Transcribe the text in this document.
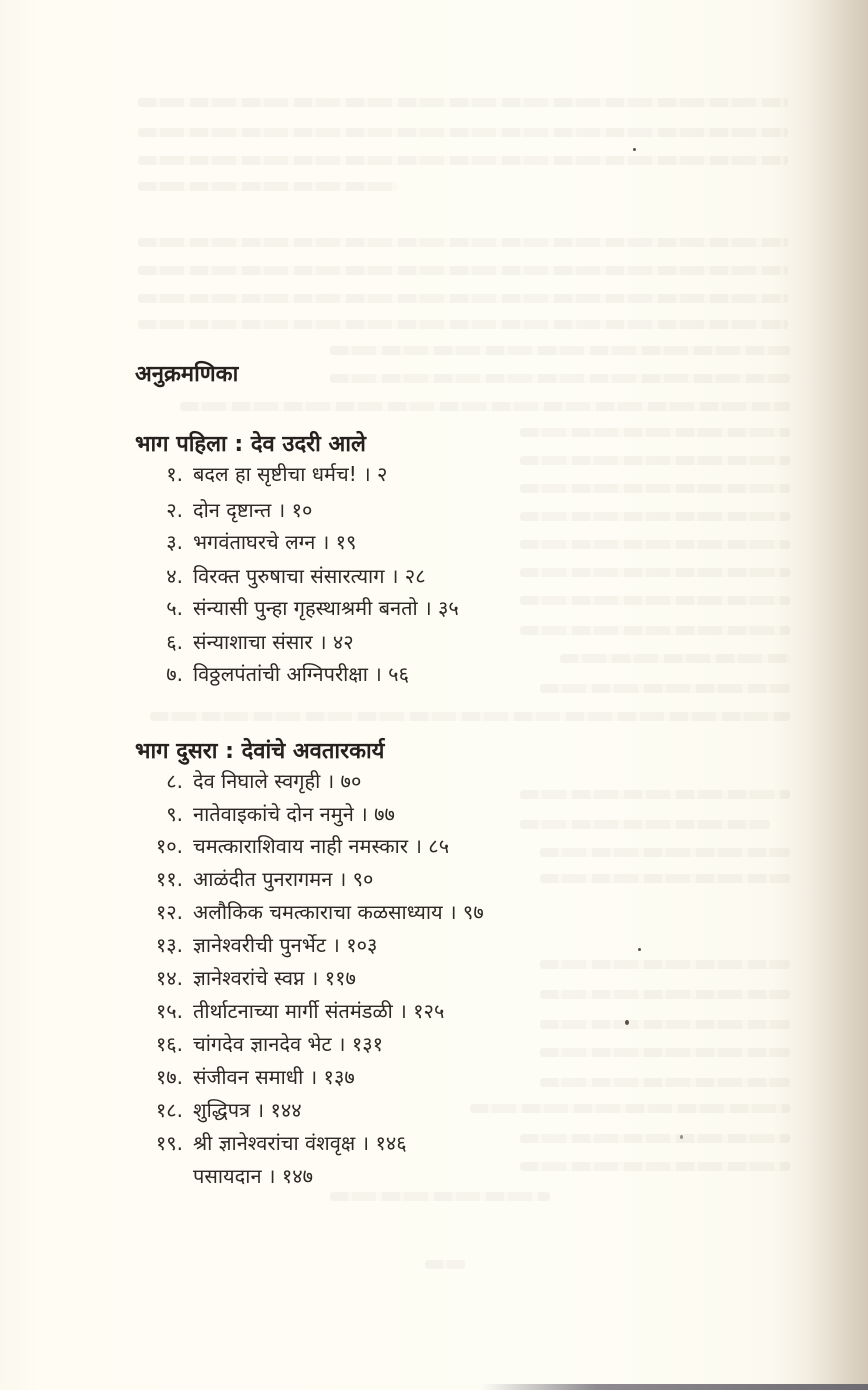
अनुक्रमणिका
भाग पहिला : देव उदरी आले
१. बदल हा सृष्टीचा धर्मच! । २
२. दोन दृष्टान्त । १०
३. भगवंताघरचे लग्न । १९
४. विरक्त पुरुषाचा संसारत्याग । २८
५. संन्यासी पुन्हा गृहस्थाश्रमी बनतो । ३५
६. संन्याशाचा संसार । ४२
७. विठ्ठलपंतांची अग्निपरीक्षा । ५६
भाग दुसरा : देवांचे अवतारकार्य
८. देव निघाले स्वगृही । ७०
९. नातेवाइकांचे दोन नमुने । ७७
१०. चमत्काराशिवाय नाही नमस्कार । ८५
११. आळंदीत पुनरागमन । ९०
१२. अलौकिक चमत्काराचा कळसाध्याय । ९७
१३. ज्ञानेश्वरीची पुनर्भेट । १०३
१४. ज्ञानेश्वरांचे स्वप्न । ११७
१५. तीर्थाटनाच्या मार्गी संतमंडळी । १२५
१६. चांगदेव ज्ञानदेव भेट । १३१
१७. संजीवन समाधी । १३७
१८. शुद्धिपत्र । १४४
१९. श्री ज्ञानेश्वरांचा वंशवृक्ष । १४६
पसायदान । १४७
